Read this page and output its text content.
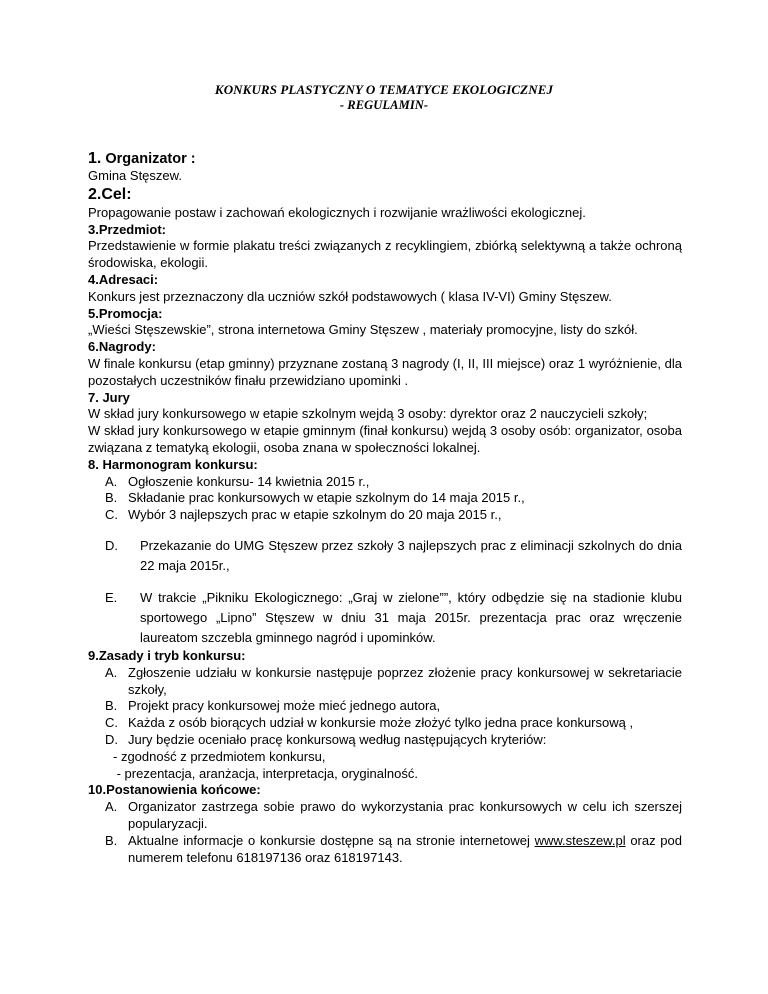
KONKURS PLASTYCZNY O TEMATYCE EKOLOGICZNEJ
- REGULAMIN-
1. Organizator :
Gmina Stęszew.
2.Cel:
Propagowanie postaw i zachowań ekologicznych i rozwijanie wrażliwości ekologicznej.
3.Przedmiot:
Przedstawienie w formie plakatu treści związanych z recyklingiem, zbiórką selektywną a także ochroną środowiska, ekologii.
4.Adresaci:
Konkurs jest przeznaczony dla uczniów szkół podstawowych ( klasa IV-VI) Gminy Stęszew.
5.Promocja:
„Wieści Stęszewskie”, strona internetowa Gminy Stęszew , materiały promocyjne, listy do szkół.
6.Nagrody:
W finale konkursu (etap gminny) przyznane zostaną 3 nagrody (I, II, III miejsce) oraz 1 wyróżnienie, dla pozostałych uczestników finału przewidziano upominki .
7. Jury
W skład jury konkursowego w etapie szkolnym wejdą 3 osoby: dyrektor oraz 2 nauczycieli szkoły;
W skład jury konkursowego w etapie gminnym (finał konkursu) wejdą 3 osoby osób: organizator, osoba związana z tematyką ekologii, osoba znana w społeczności lokalnej.
8. Harmonogram konkursu:
A. Ogłoszenie konkursu- 14 kwietnia 2015 r.,
B. Składanie prac konkursowych w etapie szkolnym do 14 maja 2015 r.,
C. Wybór 3 najlepszych prac w etapie szkolnym do 20 maja 2015 r.,
D. Przekazanie do UMG Stęszew przez szkoły 3 najlepszych prac z eliminacji szkolnych do dnia 22 maja 2015r.,
E. W trakcie „Pikniku Ekologicznego: „Graj w zielone””, który odbędzie się na stadionie klubu sportowego „Lipno” Stęszew w dniu 31 maja 2015r. prezentacja prac oraz wręczenie laureatom szczebla gminnego nagród i upominków.
9.Zasady i tryb konkursu:
A. Zgłoszenie udziału w konkursie następuje poprzez złożenie pracy konkursowej w sekretariacie szkoły,
B. Projekt pracy konkursowej może mieć jednego autora,
C. Każda z osób biorących udział w konkursie może złożyć tylko jedna prace konkursową ,
D. Jury będzie oceniało pracę konkursową według następujących kryteriów:
- zgodność z przedmiotem konkursu,
- prezentacja, aranżacja, interpretacja, oryginalność.
10.Postanowienia końcowe:
A. Organizator zastrzega sobie prawo do wykorzystania prac konkursowych w celu ich szerszej popularyzacji.
B. Aktualne informacje o konkursie dostępne są na stronie internetowej www.steszew.pl oraz pod numerem telefonu 618197136 oraz 618197143.
